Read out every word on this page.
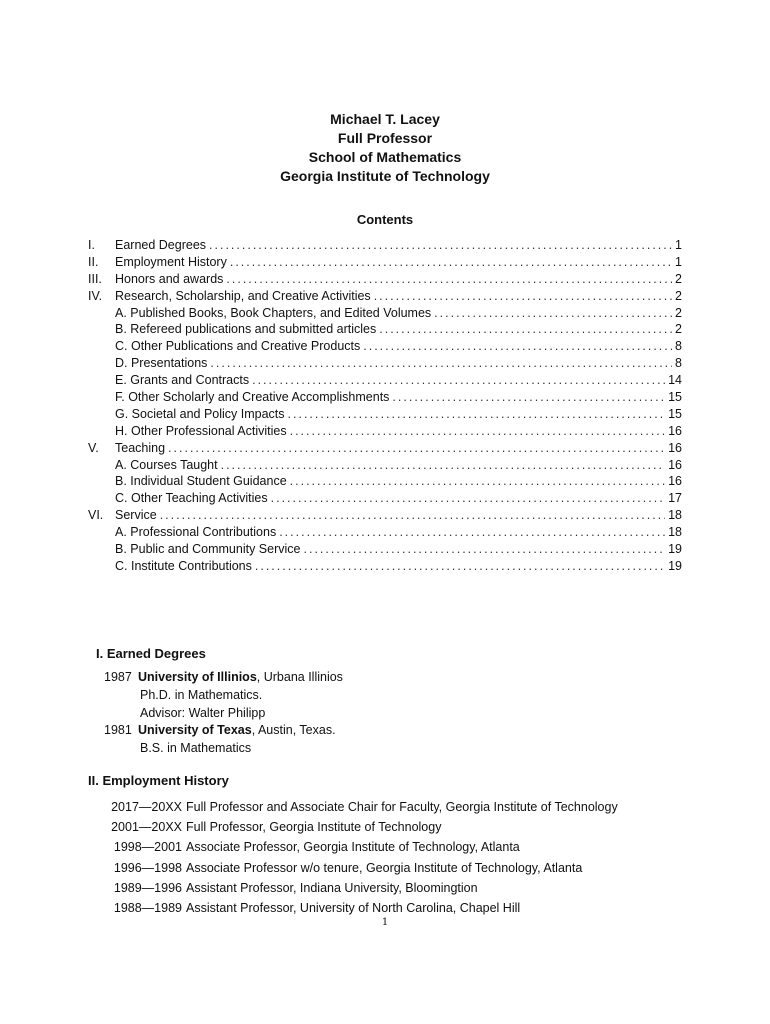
Michael T. Lacey
Full Professor
School of Mathematics
Georgia Institute of Technology
Contents
I.	Earned Degrees .....	1
II.	Employment History .....	1
III.	Honors and awards .....	2
IV.	Research, Scholarship, and Creative Activities .....	2
A. Published Books, Book Chapters, and Edited Volumes .....	2
B. Refereed publications and submitted articles .....	2
C. Other Publications and Creative Products .....	8
D. Presentations .....	8
E. Grants and Contracts .....	14
F. Other Scholarly and Creative Accomplishments .....	15
G. Societal and Policy Impacts .....	15
H. Other Professional Activities .....	16
V.	Teaching .....	16
A. Courses Taught .....	16
B. Individual Student Guidance .....	16
C. Other Teaching Activities .....	17
VI. Service .....	18
A. Professional Contributions .....	18
B. Public and Community Service .....	19
C. Institute Contributions .....	19
I. Earned Degrees
1987 University of Illinios, Urbana Illinios
Ph.D. in Mathematics.
Advisor: Walter Philipp
1981 University of Texas, Austin, Texas.
B.S. in Mathematics
II. Employment History
2017—20XX Full Professor and Associate Chair for Faculty, Georgia Institute of Technology
2001—20XX Full Professor, Georgia Institute of Technology
1998—2001 Associate Professor, Georgia Institute of Technology, Atlanta
1996—1998 Associate Professor w/o tenure, Georgia Institute of Technology, Atlanta
1989—1996 Assistant Professor, Indiana University, Bloomingtion
1988—1989 Assistant Professor, University of North Carolina, Chapel Hill
1
